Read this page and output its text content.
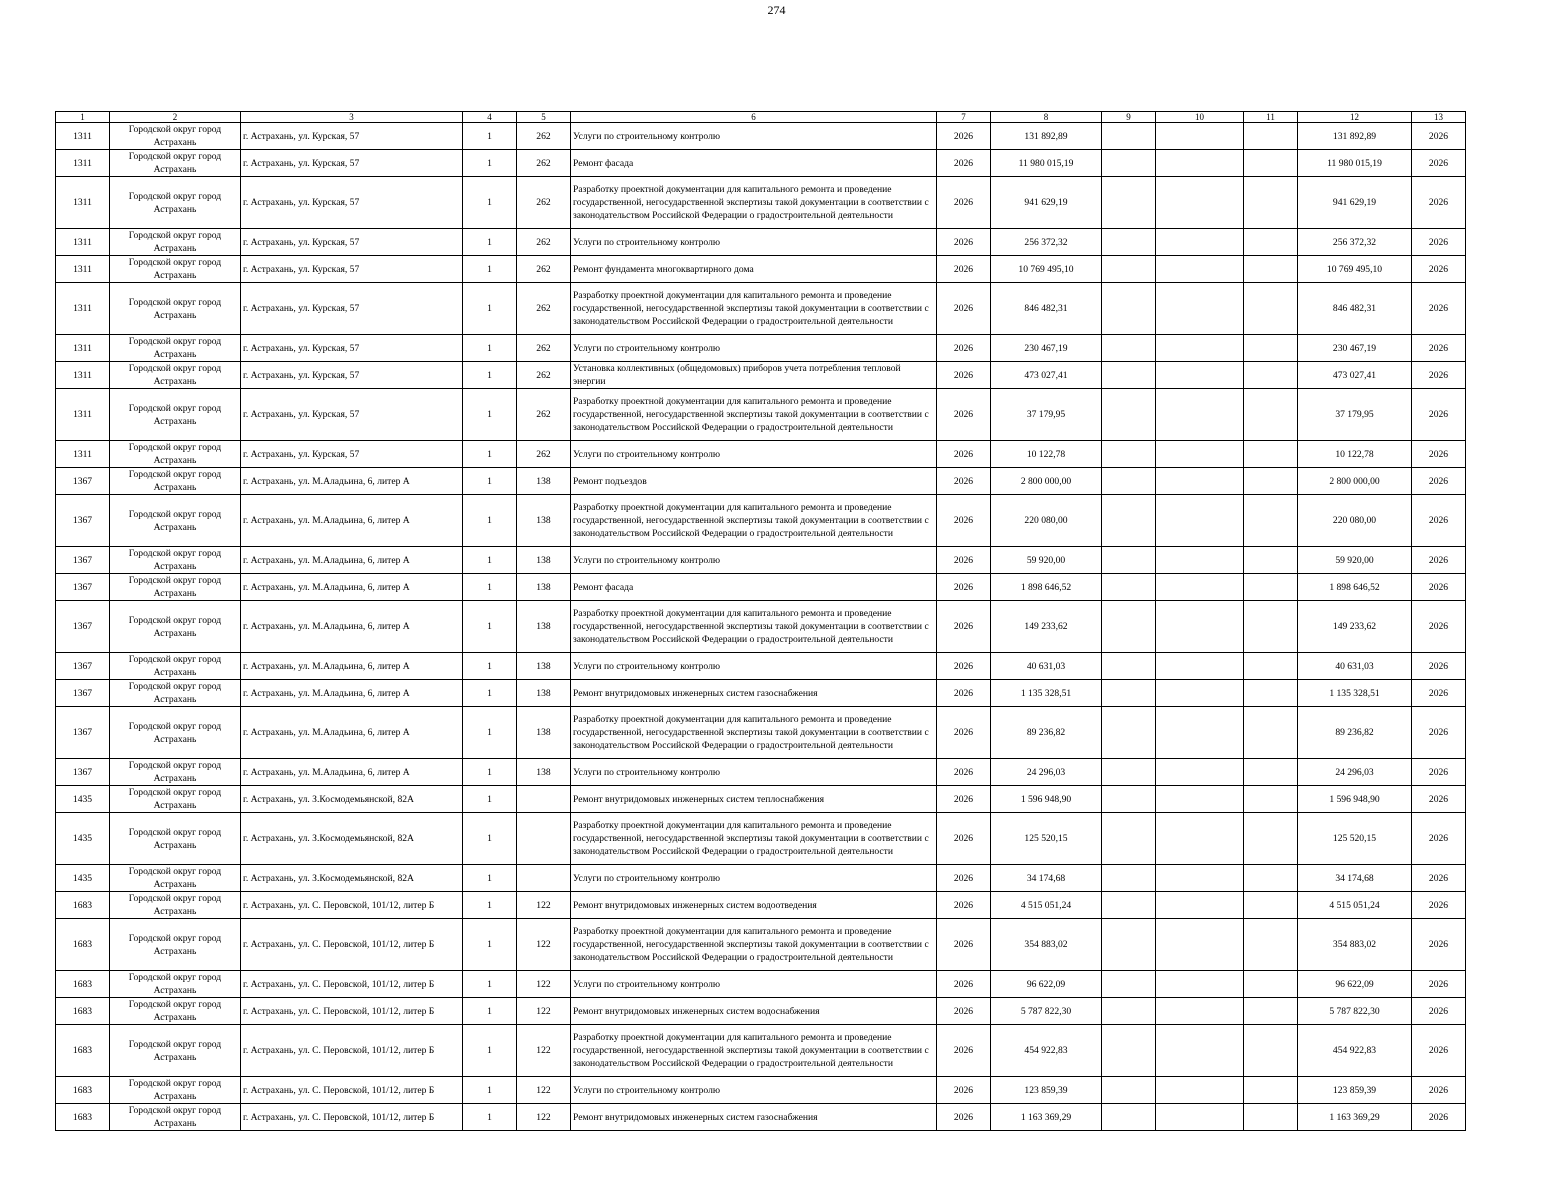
274
1	2	3	4	5	6	7	8	9	10	11	12	13
1311	Городской округ город Астрахань	г. Астрахань, ул. Курская, 57	1	262	Услуги по строительному контролю	2026	131 892,89				131 892,89	2026
1311	Городской округ город Астрахань	г. Астрахань, ул. Курская, 57	1	262	Ремонт фасада	2026	11 980 015,19				11 980 015,19	2026
1311	Городской округ город Астрахань	г. Астрахань, ул. Курская, 57	1	262	Разработку проектной документации для капитального ремонта и проведение государственной, негосударственной экспертизы такой документации в соответствии с законодательством Российской Федерации о градостроительной деятельности	2026	941 629,19				941 629,19	2026
1311	Городской округ город Астрахань	г. Астрахань, ул. Курская, 57	1	262	Услуги по строительному контролю	2026	256 372,32				256 372,32	2026
1311	Городской округ город Астрахань	г. Астрахань, ул. Курская, 57	1	262	Ремонт фундамента многоквартирного дома	2026	10 769 495,10				10 769 495,10	2026
1311	Городской округ город Астрахань	г. Астрахань, ул. Курская, 57	1	262	Разработку проектной документации для капитального ремонта и проведение государственной, негосударственной экспертизы такой документации в соответствии с законодательством Российской Федерации о градостроительной деятельности	2026	846 482,31				846 482,31	2026
1311	Городской округ город Астрахань	г. Астрахань, ул. Курская, 57	1	262	Услуги по строительному контролю	2026	230 467,19				230 467,19	2026
1311	Городской округ город Астрахань	г. Астрахань, ул. Курская, 57	1	262	Установка коллективных (общедомовых) приборов учета потребления тепловой энергии	2026	473 027,41				473 027,41	2026
1311	Городской округ город Астрахань	г. Астрахань, ул. Курская, 57	1	262	Разработку проектной документации для капитального ремонта и проведение государственной, негосударственной экспертизы такой документации в соответствии с законодательством Российской Федерации о градостроительной деятельности	2026	37 179,95				37 179,95	2026
1311	Городской округ город Астрахань	г. Астрахань, ул. Курская, 57	1	262	Услуги по строительному контролю	2026	10 122,78				10 122,78	2026
1367	Городской округ город Астрахань	г. Астрахань, ул. М.Аладьина, 6, литер А	1	138	Ремонт подъездов	2026	2 800 000,00				2 800 000,00	2026
1367	Городской округ город Астрахань	г. Астрахань, ул. М.Аладьина, 6, литер А	1	138	Разработку проектной документации для капитального ремонта и проведение государственной, негосударственной экспертизы такой документации в соответствии с законодательством Российской Федерации о градостроительной деятельности	2026	220 080,00				220 080,00	2026
1367	Городской округ город Астрахань	г. Астрахань, ул. М.Аладьина, 6, литер А	1	138	Услуги по строительному контролю	2026	59 920,00				59 920,00	2026
1367	Городской округ город Астрахань	г. Астрахань, ул. М.Аладьина, 6, литер А	1	138	Ремонт фасада	2026	1 898 646,52				1 898 646,52	2026
1367	Городской округ город Астрахань	г. Астрахань, ул. М.Аладьина, 6, литер А	1	138	Разработку проектной документации для капитального ремонта и проведение государственной, негосударственной экспертизы такой документации в соответствии с законодательством Российской Федерации о градостроительной деятельности	2026	149 233,62				149 233,62	2026
1367	Городской округ город Астрахань	г. Астрахань, ул. М.Аладьина, 6, литер А	1	138	Услуги по строительному контролю	2026	40 631,03				40 631,03	2026
1367	Городской округ город Астрахань	г. Астрахань, ул. М.Аладьина, 6, литер А	1	138	Ремонт внутридомовых инженерных систем газоснабжения	2026	1 135 328,51				1 135 328,51	2026
1367	Городской округ город Астрахань	г. Астрахань, ул. М.Аладьина, 6, литер А	1	138	Разработку проектной документации для капитального ремонта и проведение государственной, негосударственной экспертизы такой документации в соответствии с законодательством Российской Федерации о градостроительной деятельности	2026	89 236,82				89 236,82	2026
1367	Городской округ город Астрахань	г. Астрахань, ул. М.Аладьина, 6, литер А	1	138	Услуги по строительному контролю	2026	24 296,03				24 296,03	2026
1435	Городской округ город Астрахань	г. Астрахань, ул. З.Космодемьянской, 82А	1		Ремонт внутридомовых инженерных систем теплоснабжения	2026	1 596 948,90				1 596 948,90	2026
1435	Городской округ город Астрахань	г. Астрахань, ул. З.Космодемьянской, 82А	1		Разработку проектной документации для капитального ремонта и проведение государственной, негосударственной экспертизы такой документации в соответствии с законодательством Российской Федерации о градостроительной деятельности	2026	125 520,15				125 520,15	2026
1435	Городской округ город Астрахань	г. Астрахань, ул. З.Космодемьянской, 82А	1		Услуги по строительному контролю	2026	34 174,68				34 174,68	2026
1683	Городской округ город Астрахань	г. Астрахань, ул. С. Перовской, 101/12, литер Б	1	122	Ремонт внутридомовых инженерных систем водоотведения	2026	4 515 051,24				4 515 051,24	2026
1683	Городской округ город Астрахань	г. Астрахань, ул. С. Перовской, 101/12, литер Б	1	122	Разработку проектной документации для капитального ремонта и проведение государственной, негосударственной экспертизы такой документации в соответствии с законодательством Российской Федерации о градостроительной деятельности	2026	354 883,02				354 883,02	2026
1683	Городской округ город Астрахань	г. Астрахань, ул. С. Перовской, 101/12, литер Б	1	122	Услуги по строительному контролю	2026	96 622,09				96 622,09	2026
1683	Городской округ город Астрахань	г. Астрахань, ул. С. Перовской, 101/12, литер Б	1	122	Ремонт внутридомовых инженерных систем водоснабжения	2026	5 787 822,30				5 787 822,30	2026
1683	Городской округ город Астрахань	г. Астрахань, ул. С. Перовской, 101/12, литер Б	1	122	Разработку проектной документации для капитального ремонта и проведение государственной, негосударственной экспертизы такой документации в соответствии с законодательством Российской Федерации о градостроительной деятельности	2026	454 922,83				454 922,83	2026
1683	Городской округ город Астрахань	г. Астрахань, ул. С. Перовской, 101/12, литер Б	1	122	Услуги по строительному контролю	2026	123 859,39				123 859,39	2026
1683	Городской округ город Астрахань	г. Астрахань, ул. С. Перовской, 101/12, литер Б	1	122	Ремонт внутридомовых инженерных систем газоснабжения	2026	1 163 369,29				1 163 369,29	2026
